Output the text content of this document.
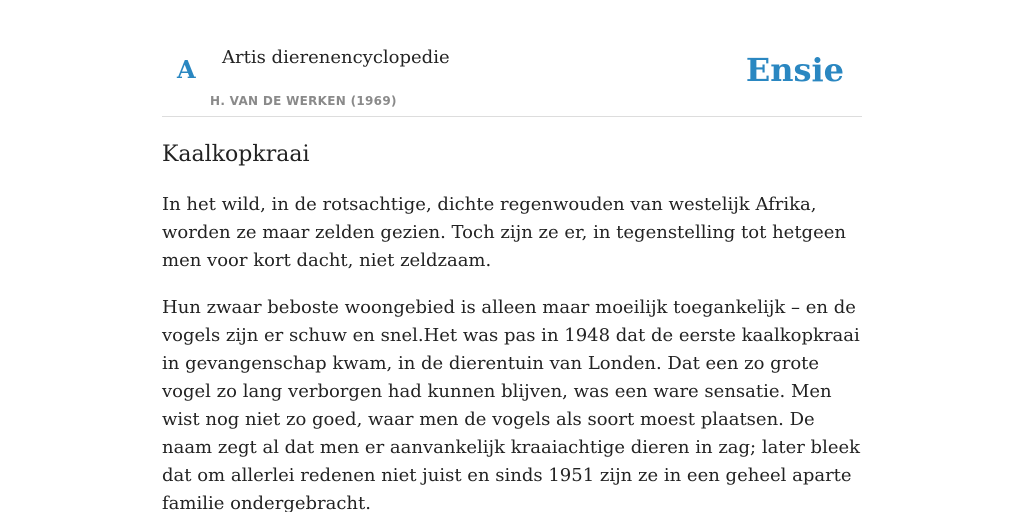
A Artis dierenencyclopedie
H. VAN DE WERKEN (1969)
Ensie
Kaalkopkraai

In het wild, in de rotsachtige, dichte regenwouden van westelijk Afrika, worden ze maar zelden gezien. Toch zijn ze er, in tegenstelling tot hetgeen men voor kort dacht, niet zeldzaam.

Hun zwaar beboste woongebied is alleen maar moeilijk toegankelijk – en de vogels zijn er schuw en snel.Het was pas in 1948 dat de eerste kaalkopkraai in gevangenschap kwam, in de dierentuin van Londen. Dat een zo grote vogel zo lang verborgen had kunnen blijven, was een ware sensatie. Men wist nog niet zo goed, waar men de vogels als soort moest plaatsen. De naam zegt al dat men er aanvankelijk kraaiachtige dieren in zag; later bleek dat om allerlei redenen niet juist en sinds 1951 zijn ze in een geheel aparte familie ondergebracht.
